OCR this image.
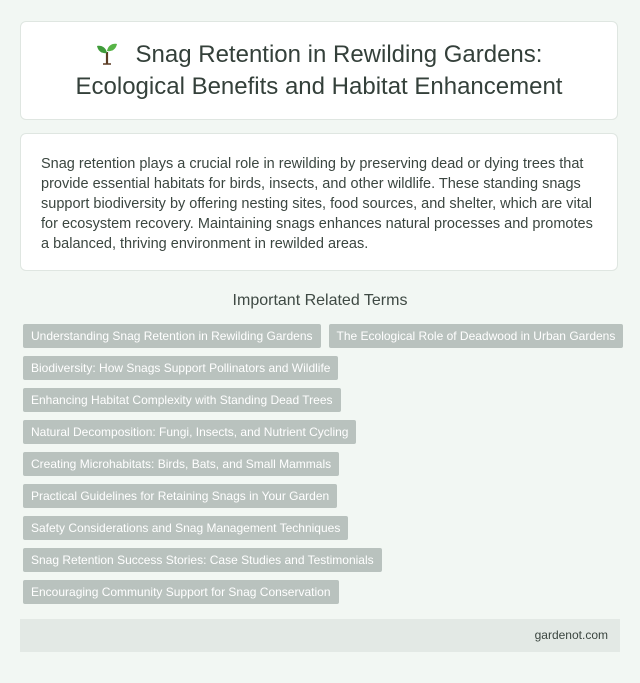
Snag Retention in Rewilding Gardens:
Ecological Benefits and Habitat Enhancement

Snag retention plays a crucial role in rewilding by preserving dead or dying trees that provide essential habitats for birds, insects, and other wildlife. These standing snags support biodiversity by offering nesting sites, food sources, and shelter, which are vital for ecosystem recovery. Maintaining snags enhances natural processes and promotes a balanced, thriving environment in rewilded areas.

Important Related Terms
Understanding Snag Retention in Rewilding Gardens	The Ecological Role of Deadwood in Urban Gardens
Biodiversity: How Snags Support Pollinators and Wildlife
Enhancing Habitat Complexity with Standing Dead Trees
Natural Decomposition: Fungi, Insects, and Nutrient Cycling
Creating Microhabitats: Birds, Bats, and Small Mammals
Practical Guidelines for Retaining Snags in Your Garden
Safety Considerations and Snag Management Techniques
Snag Retention Success Stories: Case Studies and Testimonials
Encouraging Community Support for Snag Conservation
gardenot.com
